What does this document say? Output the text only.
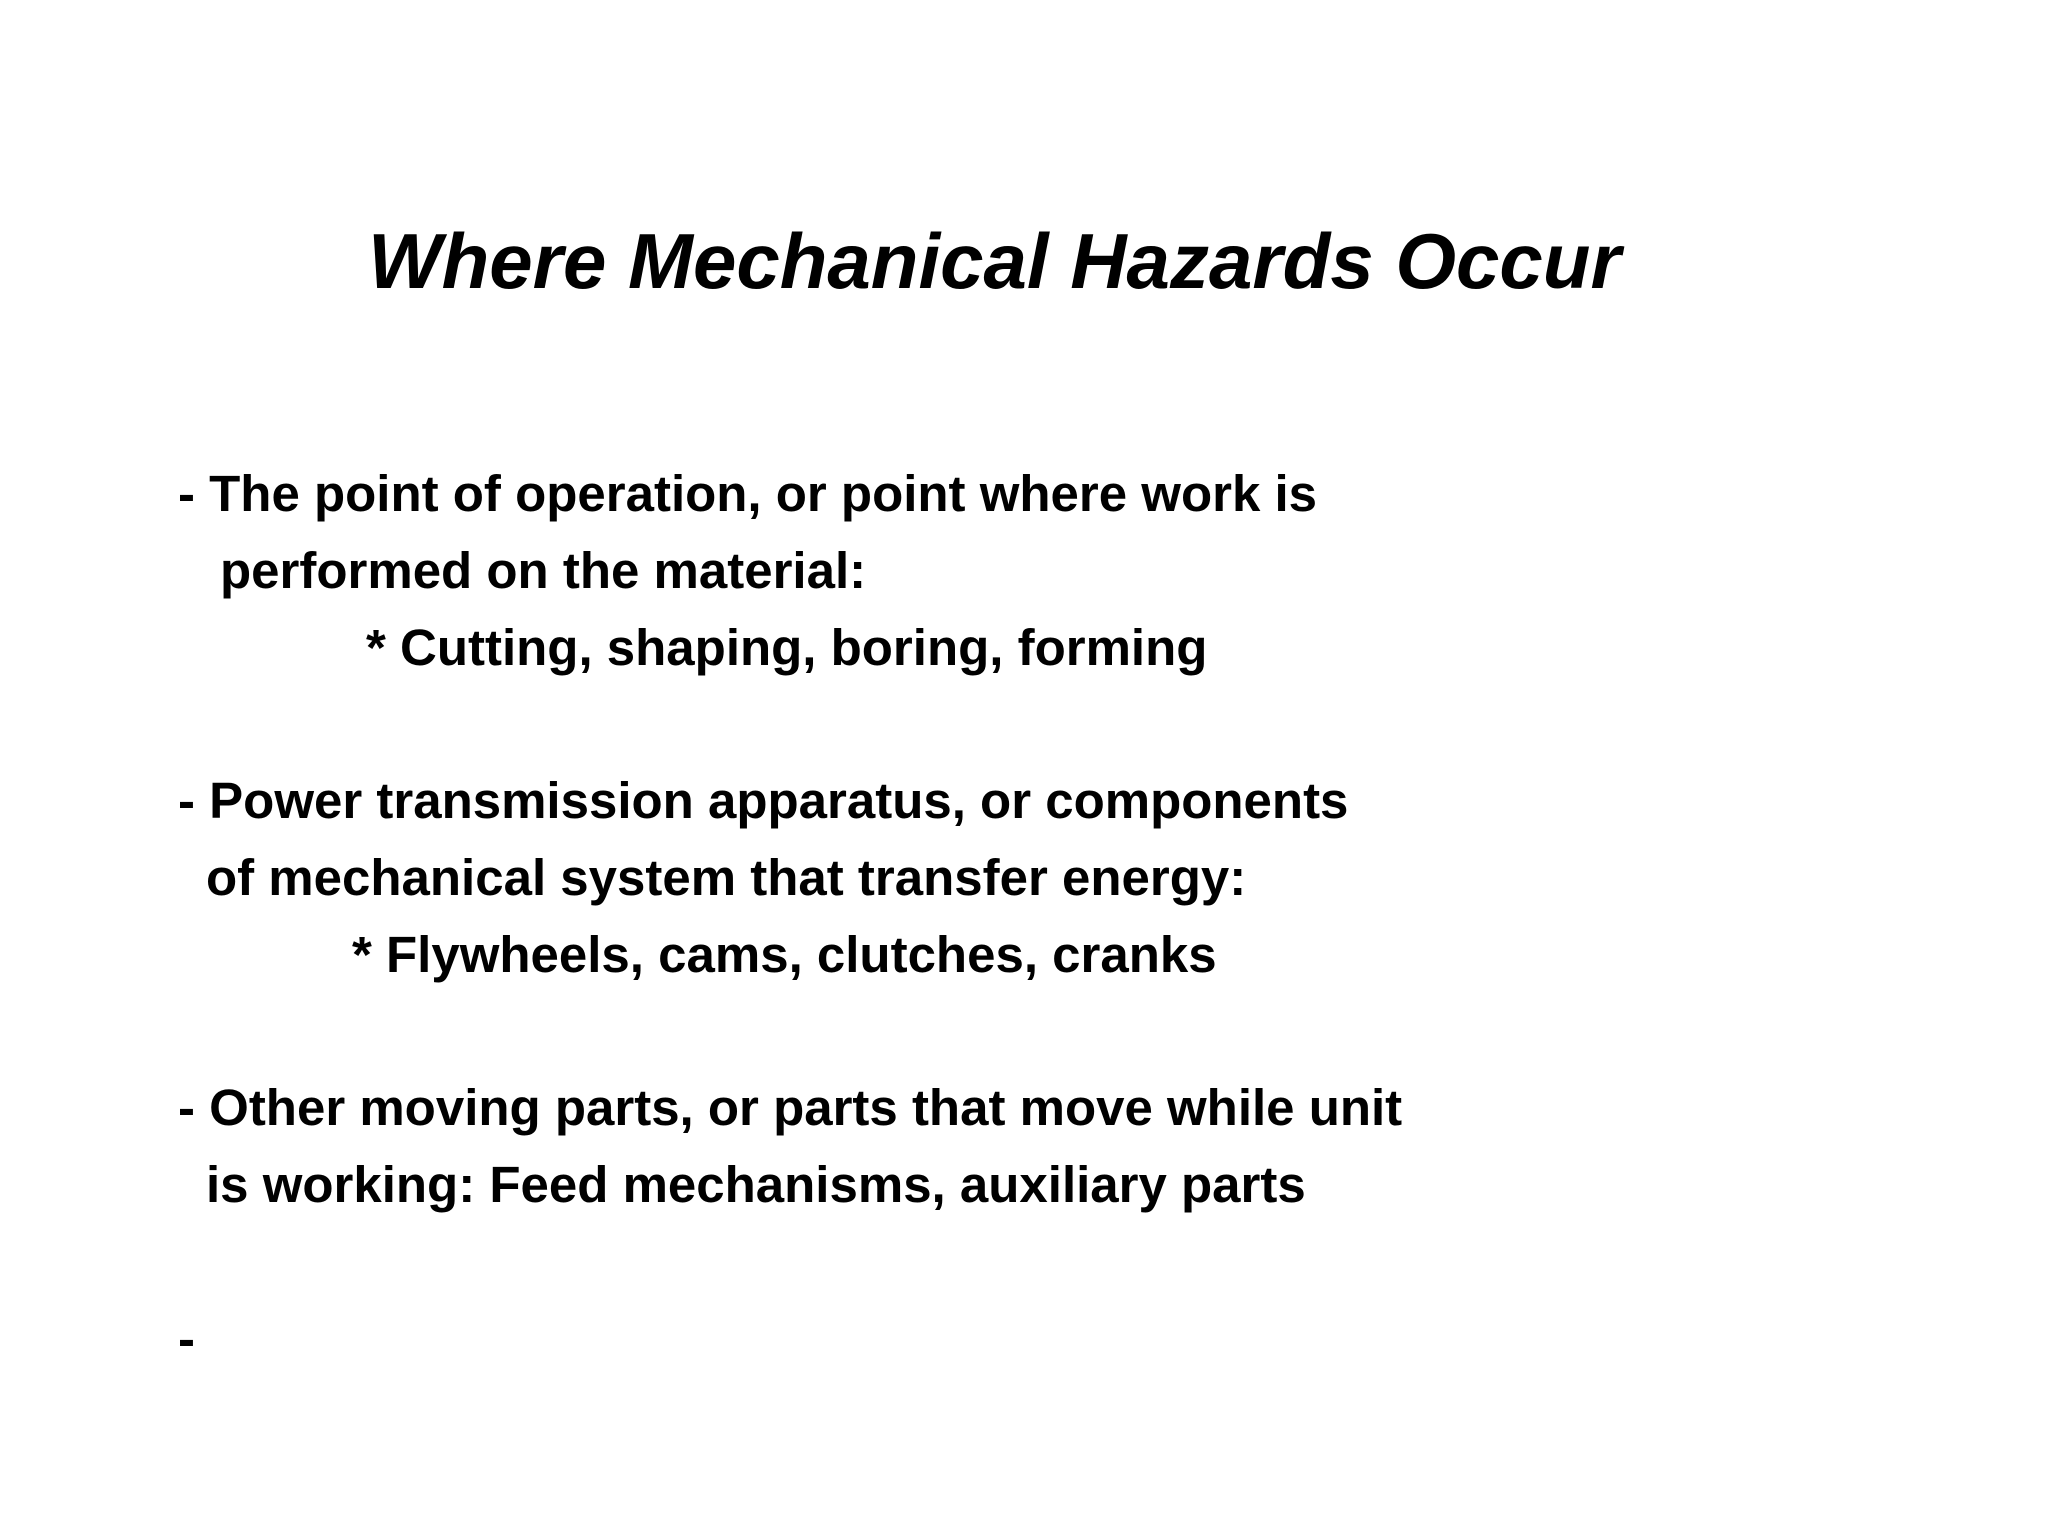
Where Mechanical Hazards Occur

- The point of operation, or point where work is

performed on the material:

* Cutting, shaping, boring, forming

- Power transmission apparatus, or components

of mechanical system that transfer energy:

* Flywheels, cams, clutches, cranks

- Other moving parts, or parts that move while unit

is working: Feed mechanisms, auxiliary parts

-
